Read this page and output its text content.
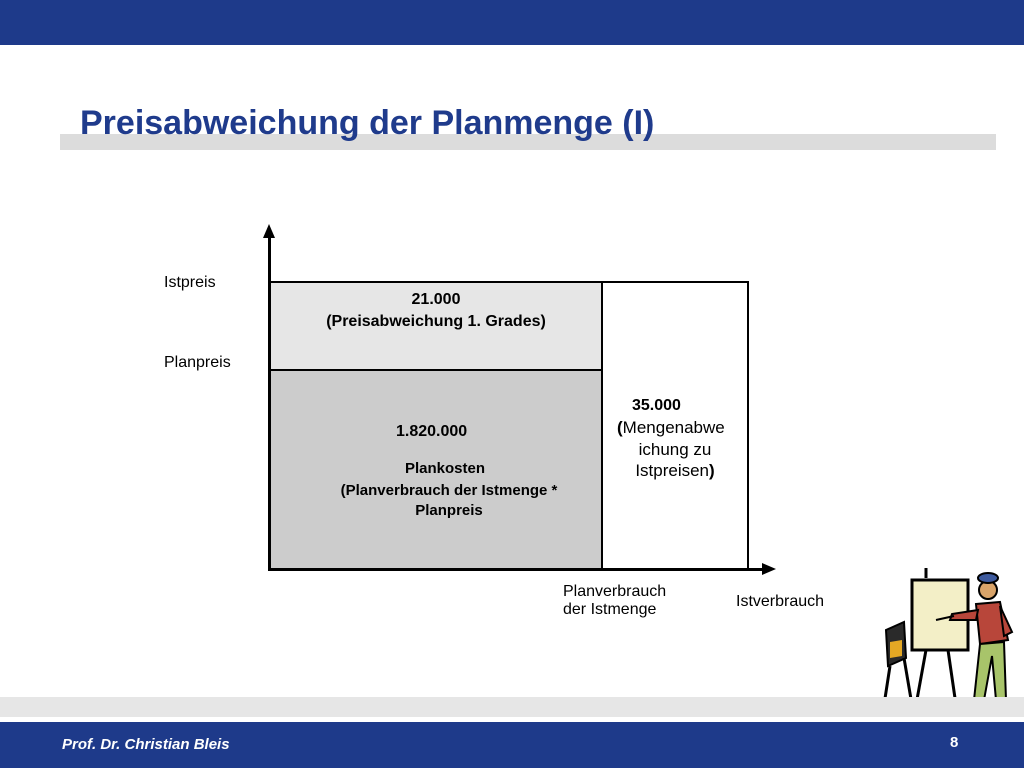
Preisabweichung der Planmenge (I)
Istpreis
Planpreis
21.000
(Preisabweichung 1. Grades)
1.820.000
Plankosten
(Planverbrauch der Istmenge *
Planpreis
35.000
(Mengenabwe
ichung zu
Istpreisen)
Planverbrauch
der Istmenge	Istverbrauch

Prof. Dr. Christian Bleis	8
